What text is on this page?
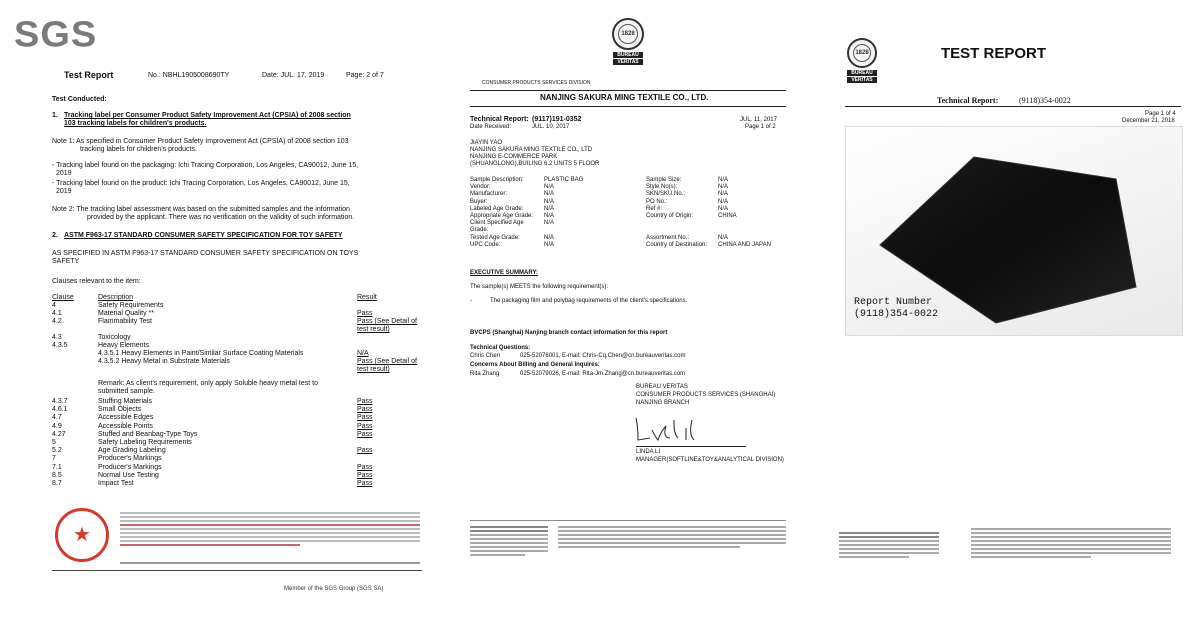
SGS
Test Report	No.: NBHL1905008690TY	Date: JUL. 17, 2019	Page: 2 of 7
Test Conducted:
1. Tracking label per Consumer Product Safety Improvement Act (CPSIA) of 2008 section
103 tracking labels for children's products.
Note 1: As specified in Consumer Product Safety Improvement Act (CPSIA) of 2008 section 103
tracking labels for children's products.
- Tracking label found on the packaging: Ichi Tracing Corporation, Los Angeles, CA90012, June 15,
2019
- Tracking label found on the product: Ichi Tracing Corporation, Los Angeles, CA90012, June 15,
2019
Note 2: The tracking label assessment was based on the submitted samples and the information
provided by the applicant. There was no verification on the validity of such information.
2. ASTM F963-17 STANDARD CONSUMER SAFETY SPECIFICATION FOR TOY SAFETY
AS SPECIFIED IN ASTM F963-17 STANDARD CONSUMER SAFETY SPECIFICATION ON TOYS
SAFETY
Clauses relevant to the item:
Clause	Description	Result
4	Safety Requirements
4.1	Material Quality **	Pass
4.2	Flammability Test	Pass (See Detail of
test result)
4.3	Toxicology
4.3.5	Heavy Elements
4.3.5.1 Heavy Elements in Paint/Similar Surface Coating Materials	N/A
4.3.5.2 Heavy Metal in Substrate Materials	Pass (See Detail of
test result)
Remark: As client's requirement, only apply Soluble heavy metal test to
submitted sample.
4.3.7	Stuffing Materials	Pass
4.6.1	Small Objects	Pass
4.7	Accessible Edges	Pass
4.9	Accessible Points	Pass
4.27	Stuffed and Beanbag-Type Toys	Pass
5	Safety Labeling Requirements
5.2	Age Grading Labeling	Pass
7	Producer's Markings
7.1	Producer's Markings	Pass
8.5	Normal Use Testing	Pass
8.7	Impact Test	Pass
★
Member of the SGS Group (SGS SA)
1828
BUREAU
VERITAS
CONSUMER PRODUCTS SERVICES DIVISION
NANJING SAKURA MING TEXTILE CO., LTD.
Technical Report: (9117)191-0352	JUL. 11, 2017
Date Received:	JUL. 10, 2017	Page 1 of 2
JIAYIN YAO
NANJING SAKURA MING TEXTILE CO., LTD
NANJING E-COMMERCE PARK
(SHUANGLONG),BUILING 6.2 UNITS 5 FLOOR
Sample Description:	PLASTIC BAG
Vendor:	N/A
Manufacturer:	N/A
Buyer:	N/A
Labeled Age Grade:	N/A
Appropriate Age Grade: N/A
Client Specified Age	N/A
Grade:
Tested Age Grade:	N/A
UPC Code:	N/A
Sample Size:	N/A
Style No(s):	N/A
SKN/SKU No.:	N/A
PO No.:	N/A
Ref #:	N/A
Country of Origin:	CHINA
Assortment No.:	N/A
Country of Destination: CHINA AND JAPAN
EXECUTIVE SUMMARY:
The sample(s) MEETS the following requirement(s):
-	The packaging film and polybag requirements of the client's specifications.
BVCPS (Shanghai) Nanjing branch contact information for this report
Technical Questions:
Chris Chen	025-52076001, E-mail: Chris-Cq.Chen@cn.bureauveritas.com
Concerns About Billing and General Inquires:
Rita Zhang	025-52079026, E-mail: Rita-Jm.Zhang@cn.bureauveritas.com
BUREAU VERITAS
CONSUMER PRODUCTS SERVICES (SHANGHAI)
NANJING BRANCH
LINDA LI
MANAGER(SOFTLINE&TOY&ANALYTICAL DIVISION)
1828
BUREAU
VERITAS
TEST REPORT
Technical Report:	(9118)354-0022
Page 1 of 4
December 21, 2018
Report Number
(9118)354-0022
